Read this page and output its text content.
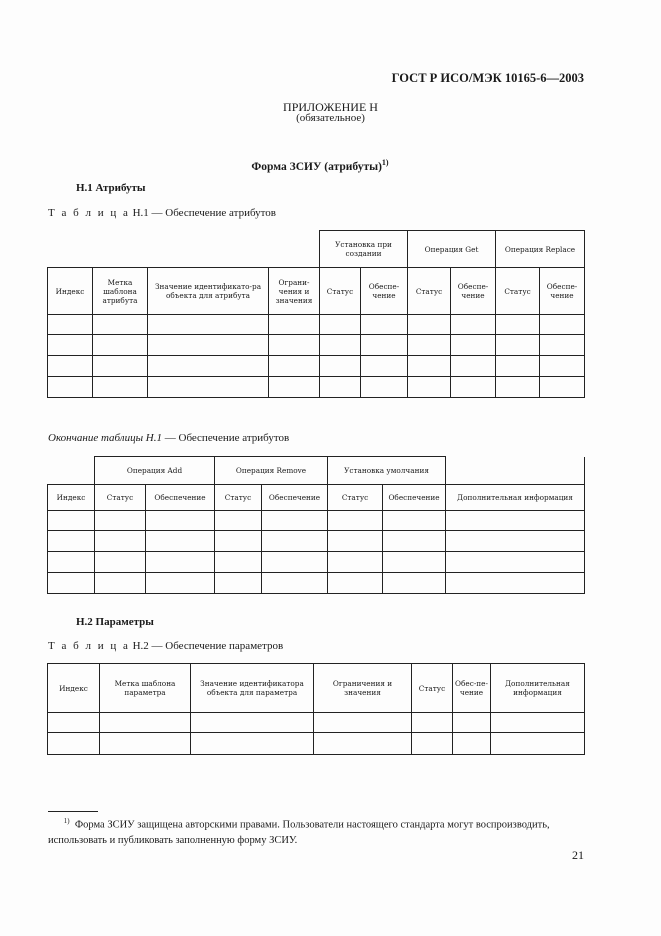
ГОСТ Р ИСО/МЭК 10165-6—2003
ПРИЛОЖЕНИЕ Н
(обязательное)
Форма ЗСИУ (атрибуты)$^{1)}$
Н.1 Атрибуты
Т а б л и ц а Н.1 — Обеспечение атрибутов
				Установка при создании		Операция Get		Операция Replace	
Индекс	Метка шаблона атрибута	Значение идентификато-ра объекта для атрибута	Ограни-чения и значения	Статус	Обеспе-чение	Статус	Обеспе-чение	Статус	Обеспе-чение

Окончание таблицы Н.1 — Обеспечение атрибутов
	Операция Add		Операция Remove		Установка умолчания		
Индекс	Статус	Обеспечение	Статус	Обеспечение	Статус	Обеспечение	Дополнительная информация

Н.2 Параметры
Т а б л и ц а Н.2 — Обеспечение параметров
Индекс	Метка шаблона параметра	Значение идентификатора объекта для параметра	Ограничения и значения	Статус	Обес-пе-чение	Дополнительная информация

$^{1)}$ Форма ЗСИУ защищена авторскими правами. Пользователи настоящего стандарта могут воспроизводить, использовать и публиковать заполненную форму ЗСИУ.
21
